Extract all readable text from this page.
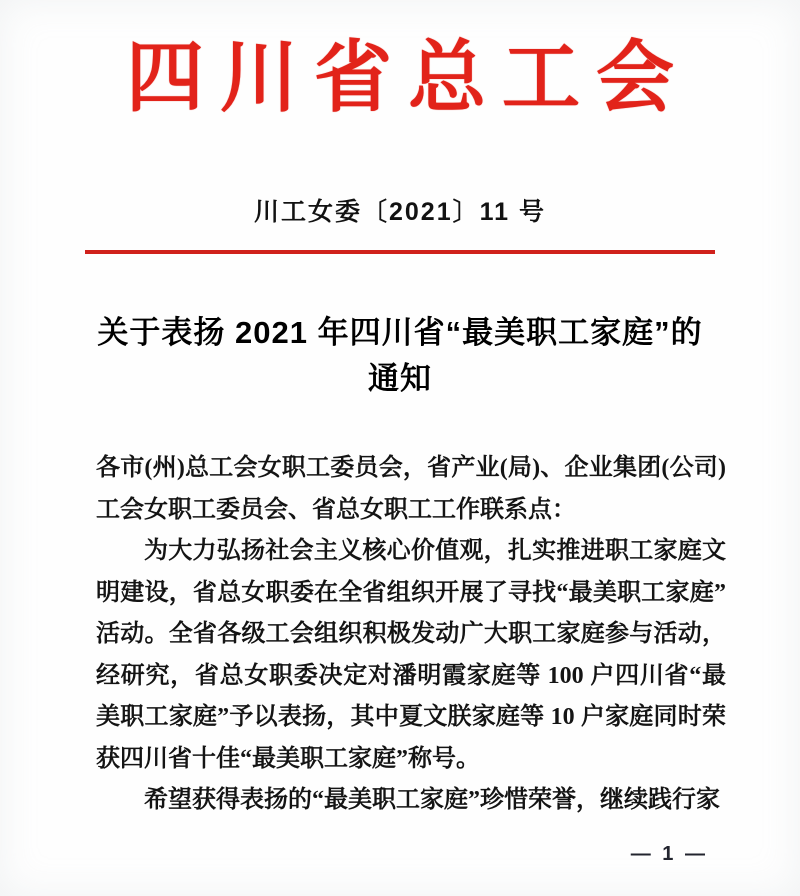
四川省总工会
川工女委〔2021〕11 号
关于表扬 2021 年四川省“最美职工家庭”的
通知

各市(州)总工会女职工委员会，省产业(局)、企业集团(公司)工会女职工委员会、省总女职工工作联系点：

为大力弘扬社会主义核心价值观，扎实推进职工家庭文明建设，省总女职委在全省组织开展了寻找“最美职工家庭”活动。全省各级工会组织积极发动广大职工家庭参与活动，经研究，省总女职委决定对潘明霞家庭等 100 户四川省“最美职工家庭”予以表扬，其中夏文朕家庭等 10 户家庭同时荣获四川省十佳“最美职工家庭”称号。

希望获得表扬的“最美职工家庭”珍惜荣誉，继续践行家

— 1 —
